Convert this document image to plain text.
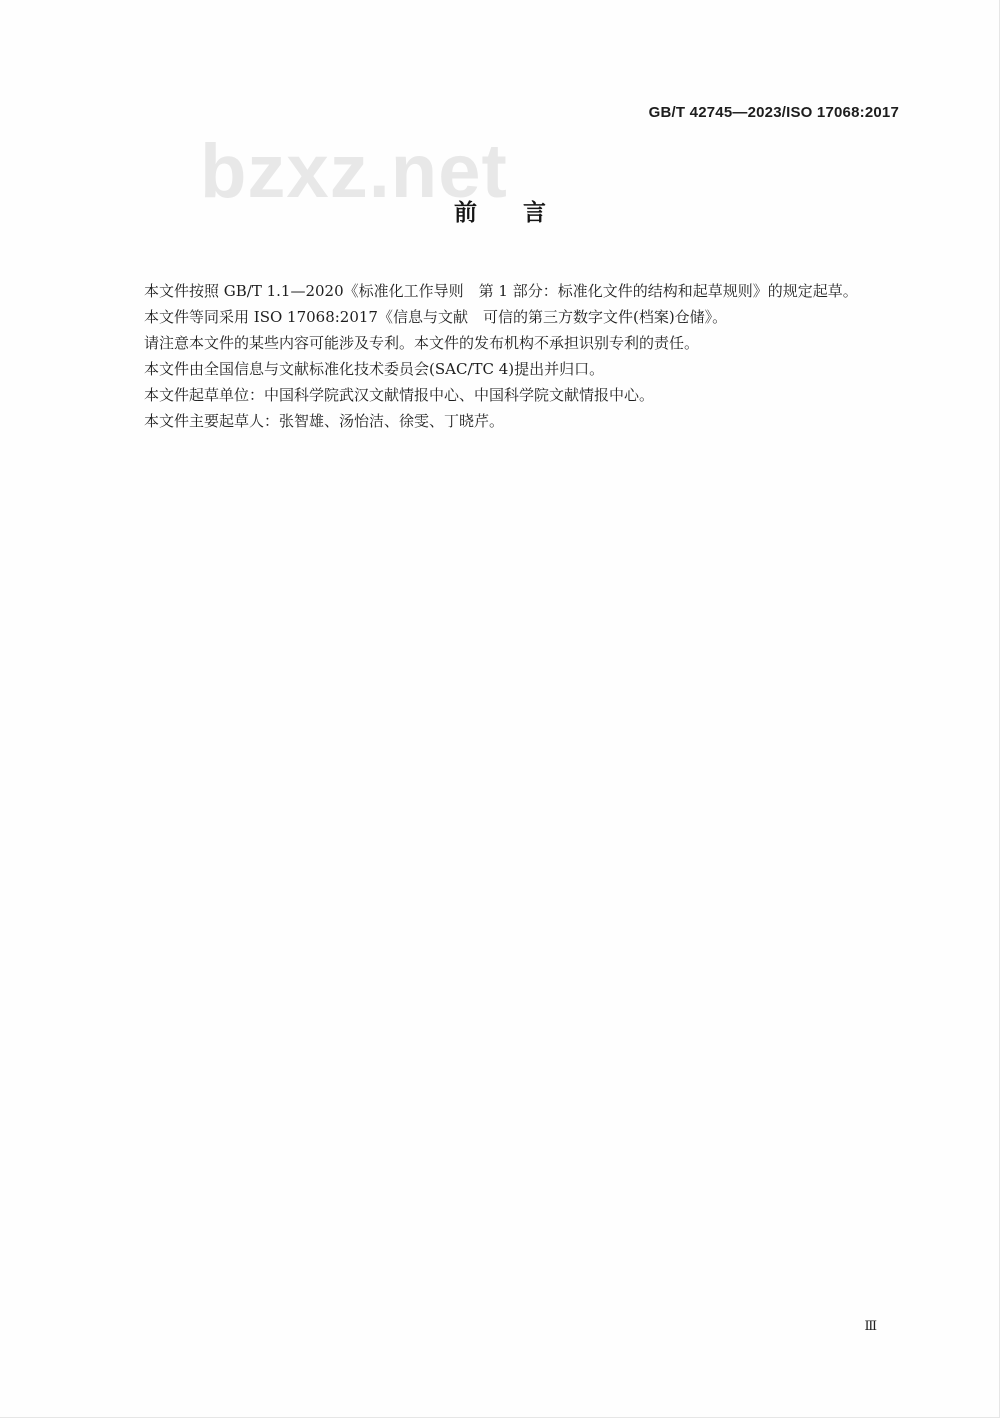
GB/T 42745—2023/ISO 17068:2017
bzxz.net
前言

本文件按照 GB/T 1.1—2020《标准化工作导则　第 1 部分：标准化文件的结构和起草规则》的规定起草。

本文件等同采用 ISO 17068:2017《信息与文献　可信的第三方数字文件(档案)仓储》。

请注意本文件的某些内容可能涉及专利。本文件的发布机构不承担识别专利的责任。

本文件由全国信息与文献标准化技术委员会(SAC/TC 4)提出并归口。

本文件起草单位：中国科学院武汉文献情报中心、中国科学院文献情报中心。

本文件主要起草人：张智雄、汤怡洁、徐雯、丁晓芹。

Ⅲ
